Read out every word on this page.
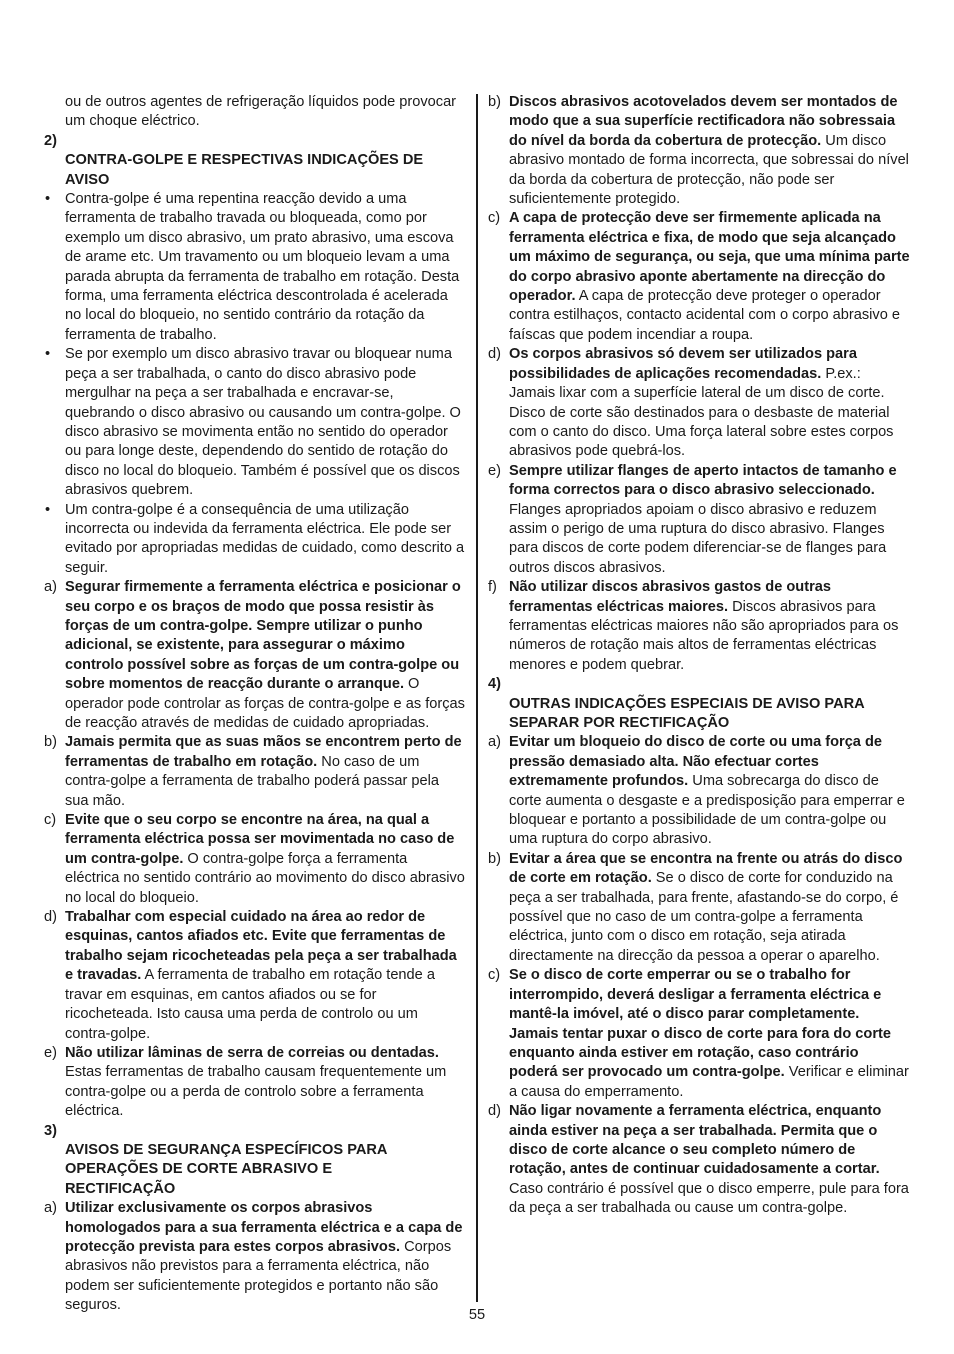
ou de outros agentes de refrigeração líquidos pode provocar um choque eléctrico.

2)
CONTRA-GOLPE E RESPECTIVAS INDICAÇÕES DE
AVISO

• Contra-golpe é uma repentina reacção devido a uma ferramenta de trabalho travada ou bloqueada, como por exemplo um disco abrasivo, um prato abrasivo, uma escova de arame etc. Um travamento ou um bloqueio levam a uma parada abrupta da ferramenta de trabalho em rotação. Desta forma, uma ferramenta eléctrica descontrolada é acelerada no local do bloqueio, no sentido contrário da rotação da ferramenta de trabalho.

• Se por exemplo um disco abrasivo travar ou bloquear numa peça a ser trabalhada, o canto do disco abrasivo pode mergulhar na peça a ser trabalhada e encravar-se, quebrando o disco abrasivo ou causando um contra-golpe. O disco abrasivo se movimenta então no sentido do operador ou para longe deste, dependendo do sentido de rotação do disco no local do bloqueio. Também é possível que os discos abrasivos quebrem.

• Um contra-golpe é a consequência de uma utilização incorrecta ou indevida da ferramenta eléctrica. Ele pode ser evitado por apropriadas medidas de cuidado, como descrito a seguir.

a) Segurar firmemente a ferramenta eléctrica e posicionar o seu corpo e os braços de modo que possa resistir às forças de um contra-golpe. Sempre utilizar o punho adicional, se existente, para assegurar o máximo controlo possível sobre as forças de um contra-golpe ou sobre momentos de reacção durante o arranque. O operador pode controlar as forças de contra-golpe e as forças de reacção através de medidas de cuidado apropriadas.

b) Jamais permita que as suas mãos se encontrem perto de ferramentas de trabalho em rotação. No caso de um contra-golpe a ferramenta de trabalho poderá passar pela sua mão.

c) Evite que o seu corpo se encontre na área, na qual a ferramenta eléctrica possa ser movimentada no caso de um contra-golpe. O contra-golpe força a ferramenta eléctrica no sentido contrário ao movimento do disco abrasivo no local do bloqueio.

d) Trabalhar com especial cuidado na área ao redor de esquinas, cantos afiados etc. Evite que ferramentas de trabalho sejam ricocheteadas pela peça a ser trabalhada e travadas. A ferramenta de trabalho em rotação tende a travar em esquinas, em cantos afiados ou se for ricocheteada. Isto causa uma perda de controlo ou um contra-golpe.

e) Não utilizar lâminas de serra de correias ou dentadas. Estas ferramentas de trabalho causam frequentemente um contra-golpe ou a perda de controlo sobre a ferramenta eléctrica.

3)
AVISOS DE SEGURANÇA ESPECÍFICOS PARA
OPERAÇÕES DE CORTE ABRASIVO E
RECTIFICAÇÃO

a) Utilizar exclusivamente os corpos abrasivos homologados para a sua ferramenta eléctrica e a capa de protecção prevista para estes corpos abrasivos. Corpos abrasivos não previstos para a ferramenta eléctrica, não podem ser suficientemente protegidos e portanto não são seguros.

b) Discos abrasivos acotovelados devem ser montados de modo que a sua superfície rectificadora não sobressaia do nível da borda da cobertura de protecção. Um disco abrasivo montado de forma incorrecta, que sobressai do nível da borda da cobertura de protecção, não pode ser suficientemente protegido.

c) A capa de protecção deve ser firmemente aplicada na ferramenta eléctrica e fixa, de modo que seja alcançado um máximo de segurança, ou seja, que uma mínima parte do corpo abrasivo aponte abertamente na direcção do operador. A capa de protecção deve proteger o operador contra estilhaços, contacto acidental com o corpo abrasivo e faíscas que podem incendiar a roupa.

d) Os corpos abrasivos só devem ser utilizados para possibilidades de aplicações recomendadas. P.ex.: Jamais lixar com a superfície lateral de um disco de corte. Disco de corte são destinados para o desbaste de material com o canto do disco. Uma força lateral sobre estes corpos abrasivos pode quebrá-los.

e) Sempre utilizar flanges de aperto intactos de tamanho e forma correctos para o disco abrasivo seleccionado. Flanges apropriados apoiam o disco abrasivo e reduzem assim o perigo de uma ruptura do disco abrasivo. Flanges para discos de corte podem diferenciar-se de flanges para outros discos abrasivos.

f) Não utilizar discos abrasivos gastos de outras ferramentas eléctricas maiores. Discos abrasivos para ferramentas eléctricas maiores não são apropriados para os números de rotação mais altos de ferramentas eléctricas menores e podem quebrar.

4)
OUTRAS INDICAÇÕES ESPECIAIS DE AVISO PARA
SEPARAR POR RECTIFICAÇÃO

a) Evitar um bloqueio do disco de corte ou uma força de pressão demasiado alta. Não efectuar cortes extremamente profundos. Uma sobrecarga do disco de corte aumenta o desgaste e a predisposição para emperrar e bloquear e portanto a possibilidade de um contra-golpe ou uma ruptura do corpo abrasivo.

b) Evitar a área que se encontra na frente ou atrás do disco de corte em rotação. Se o disco de corte for conduzido na peça a ser trabalhada, para frente, afastando-se do corpo, é possível que no caso de um contra-golpe a ferramenta eléctrica, junto com o disco em rotação, seja atirada directamente na direcção da pessoa a operar o aparelho.

c) Se o disco de corte emperrar ou se o trabalho for interrompido, deverá desligar a ferramenta eléctrica e mantê-la imóvel, até o disco parar completamente. Jamais tentar puxar o disco de corte para fora do corte enquanto ainda estiver em rotação, caso contrário poderá ser provocado um contra-golpe. Verificar e eliminar a causa do emperramento.

d) Não ligar novamente a ferramenta eléctrica, enquanto ainda estiver na peça a ser trabalhada. Permita que o disco de corte alcance o seu completo número de rotação, antes de continuar cuidadosamente a cortar. Caso contrário é possível que o disco emperre, pule para fora da peça a ser trabalhada ou cause um contra-golpe.

55
